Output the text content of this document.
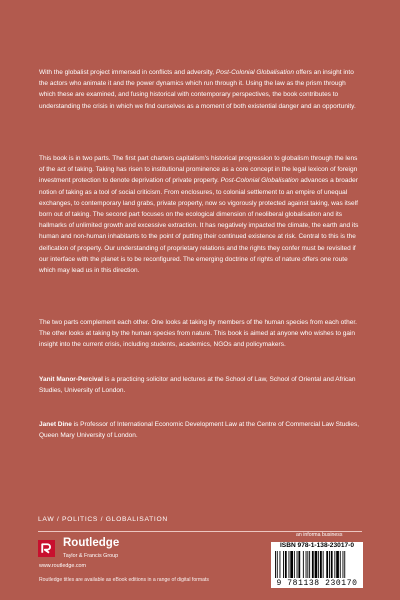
With the globalist project immersed in conflicts and adversity, Post-Colonial Globalisation offers an insight into the actors who animate it and the power dynamics which run through it. Using the law as the prism through which these are examined, and fusing historical with contemporary perspectives, the book contributes to understanding the crisis in which we find ourselves as a moment of both existential danger and an opportunity.

This book is in two parts. The first part charters capitalism's historical progression to globalism through the lens of the act of taking. Taking has risen to institutional prominence as a core concept in the legal lexicon of foreign investment protection to denote deprivation of private property. Post-Colonial Globalisation advances a broader notion of taking as a tool of social criticism. From enclosures, to colonial settlement to an empire of unequal exchanges, to contemporary land grabs, private property, now so vigorously protected against taking, was itself born out of taking. The second part focuses on the ecological dimension of neoliberal globalisation and its hallmarks of unlimited growth and excessive extraction. It has negatively impacted the climate, the earth and its human and non-human inhabitants to the point of putting their continued existence at risk. Central to this is the deification of property. Our understanding of proprietary relations and the rights they confer must be revisited if our interface with the planet is to be reconfigured. The emerging doctrine of rights of nature offers one route which may lead us in this direction.

The two parts complement each other. One looks at taking by members of the human species from each other. The other looks at taking by the human species from nature. This book is aimed at anyone who wishes to gain insight into the current crisis, including students, academics, NGOs and policymakers.

Yanit Manor-Percival is a practicing solicitor and lectures at the School of Law, School of Oriental and African Studies, University of London.

Janet Dine is Professor of International Economic Development Law at the Centre of Commercial Law Studies, Queen Mary University of London.

LAW / POLITICS / GLOBALISATION
Routledge
Taylor & Francis Group
www.routledge.com
Routledge titles are available as eBook editions in a range of digital formats
an informa business
ISBN 978-1-138-23017-0
9 781138 230170
